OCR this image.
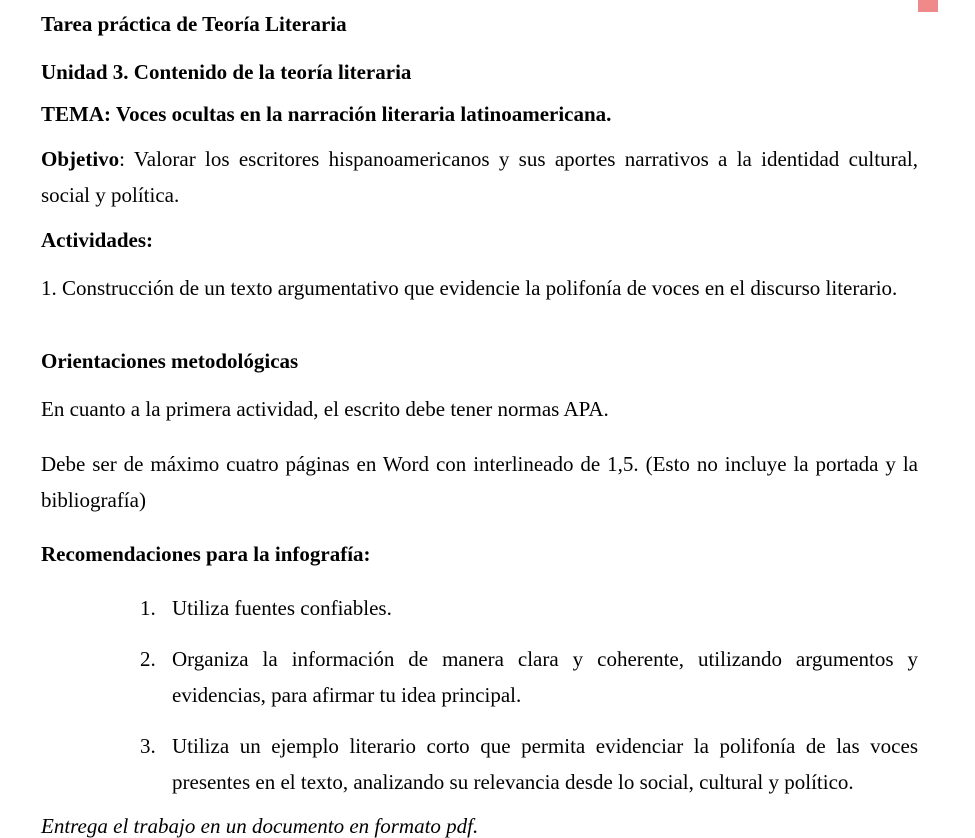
Tarea práctica de Teoría Literaria
Unidad 3. Contenido de la teoría literaria
TEMA: Voces ocultas en la narración literaria latinoamericana.
Objetivo: Valorar los escritores hispanoamericanos y sus aportes narrativos a la identidad cultural, social y política.
Actividades:
1. Construcción de un texto argumentativo que evidencie la polifonía de voces en el discurso literario.
Orientaciones metodológicas
En cuanto a la primera actividad, el escrito debe tener normas APA.
Debe ser de máximo cuatro páginas en Word con interlineado de 1,5. (Esto no incluye la portada y la bibliografía)
Recomendaciones para la infografía:
1. Utiliza fuentes confiables.
2. Organiza la información de manera clara y coherente, utilizando argumentos y evidencias, para afirmar tu idea principal.
3. Utiliza un ejemplo literario corto que permita evidenciar la polifonía de las voces presentes en el texto, analizando su relevancia desde lo social, cultural y político.
Entrega el trabajo en un documento en formato pdf.
